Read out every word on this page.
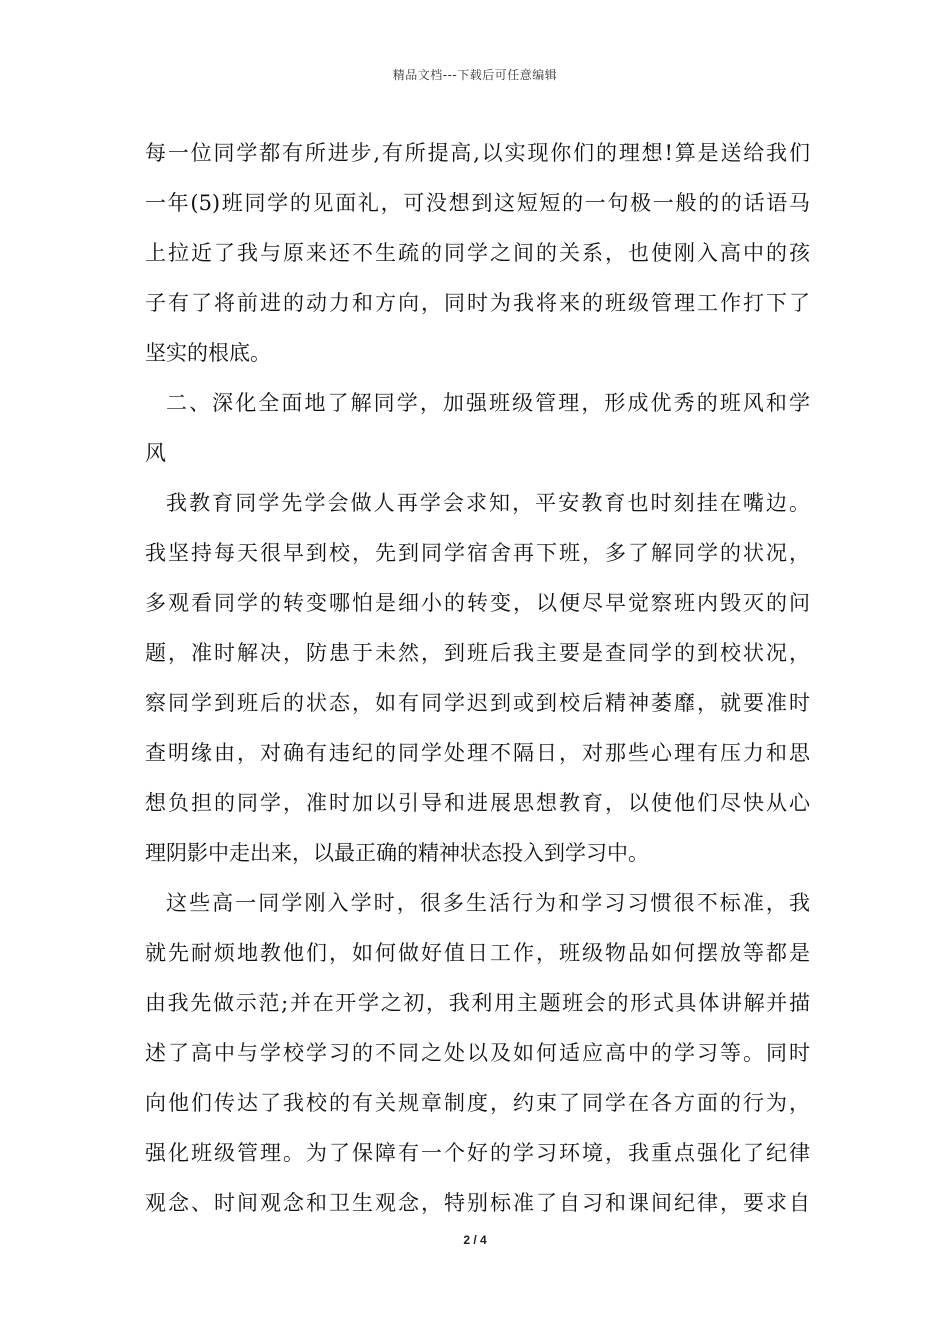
精品文档---下载后可任意编辑
每一位同学都有所进步,有所提高,以实现你们的理想!算是送给我们
一年(5)班同学的见面礼，可没想到这短短的一句极一般的的话语马
上拉近了我与原来还不生疏的同学之间的关系，也使刚入高中的孩
子有了将前进的动力和方向，同时为我将来的班级管理工作打下了
坚实的根底。
二、深化全面地了解同学，加强班级管理，形成优秀的班风和学
风
我教育同学先学会做人再学会求知，平安教育也时刻挂在嘴边。
我坚持每天很早到校，先到同学宿舍再下班，多了解同学的状况，
多观看同学的转变哪怕是细小的转变，以便尽早觉察班内毁灭的问
题，准时解决，防患于未然，到班后我主要是查同学的到校状况，
察同学到班后的状态，如有同学迟到或到校后精神萎靡，就要准时
查明缘由，对确有违纪的同学处理不隔日，对那些心理有压力和思
想负担的同学，准时加以引导和进展思想教育，以使他们尽快从心
理阴影中走出来，以最正确的精神状态投入到学习中。
这些高一同学刚入学时，很多生活行为和学习习惯很不标准，我
就先耐烦地教他们，如何做好值日工作，班级物品如何摆放等都是
由我先做示范;并在开学之初，我利用主题班会的形式具体讲解并描
述了高中与学校学习的不同之处以及如何适应高中的学习等。同时
向他们传达了我校的有关规章制度，约束了同学在各方面的行为，
强化班级管理。为了保障有一个好的学习环境，我重点强化了纪律
观念、时间观念和卫生观念，特别标准了自习和课间纪律，要求自
2 / 4
